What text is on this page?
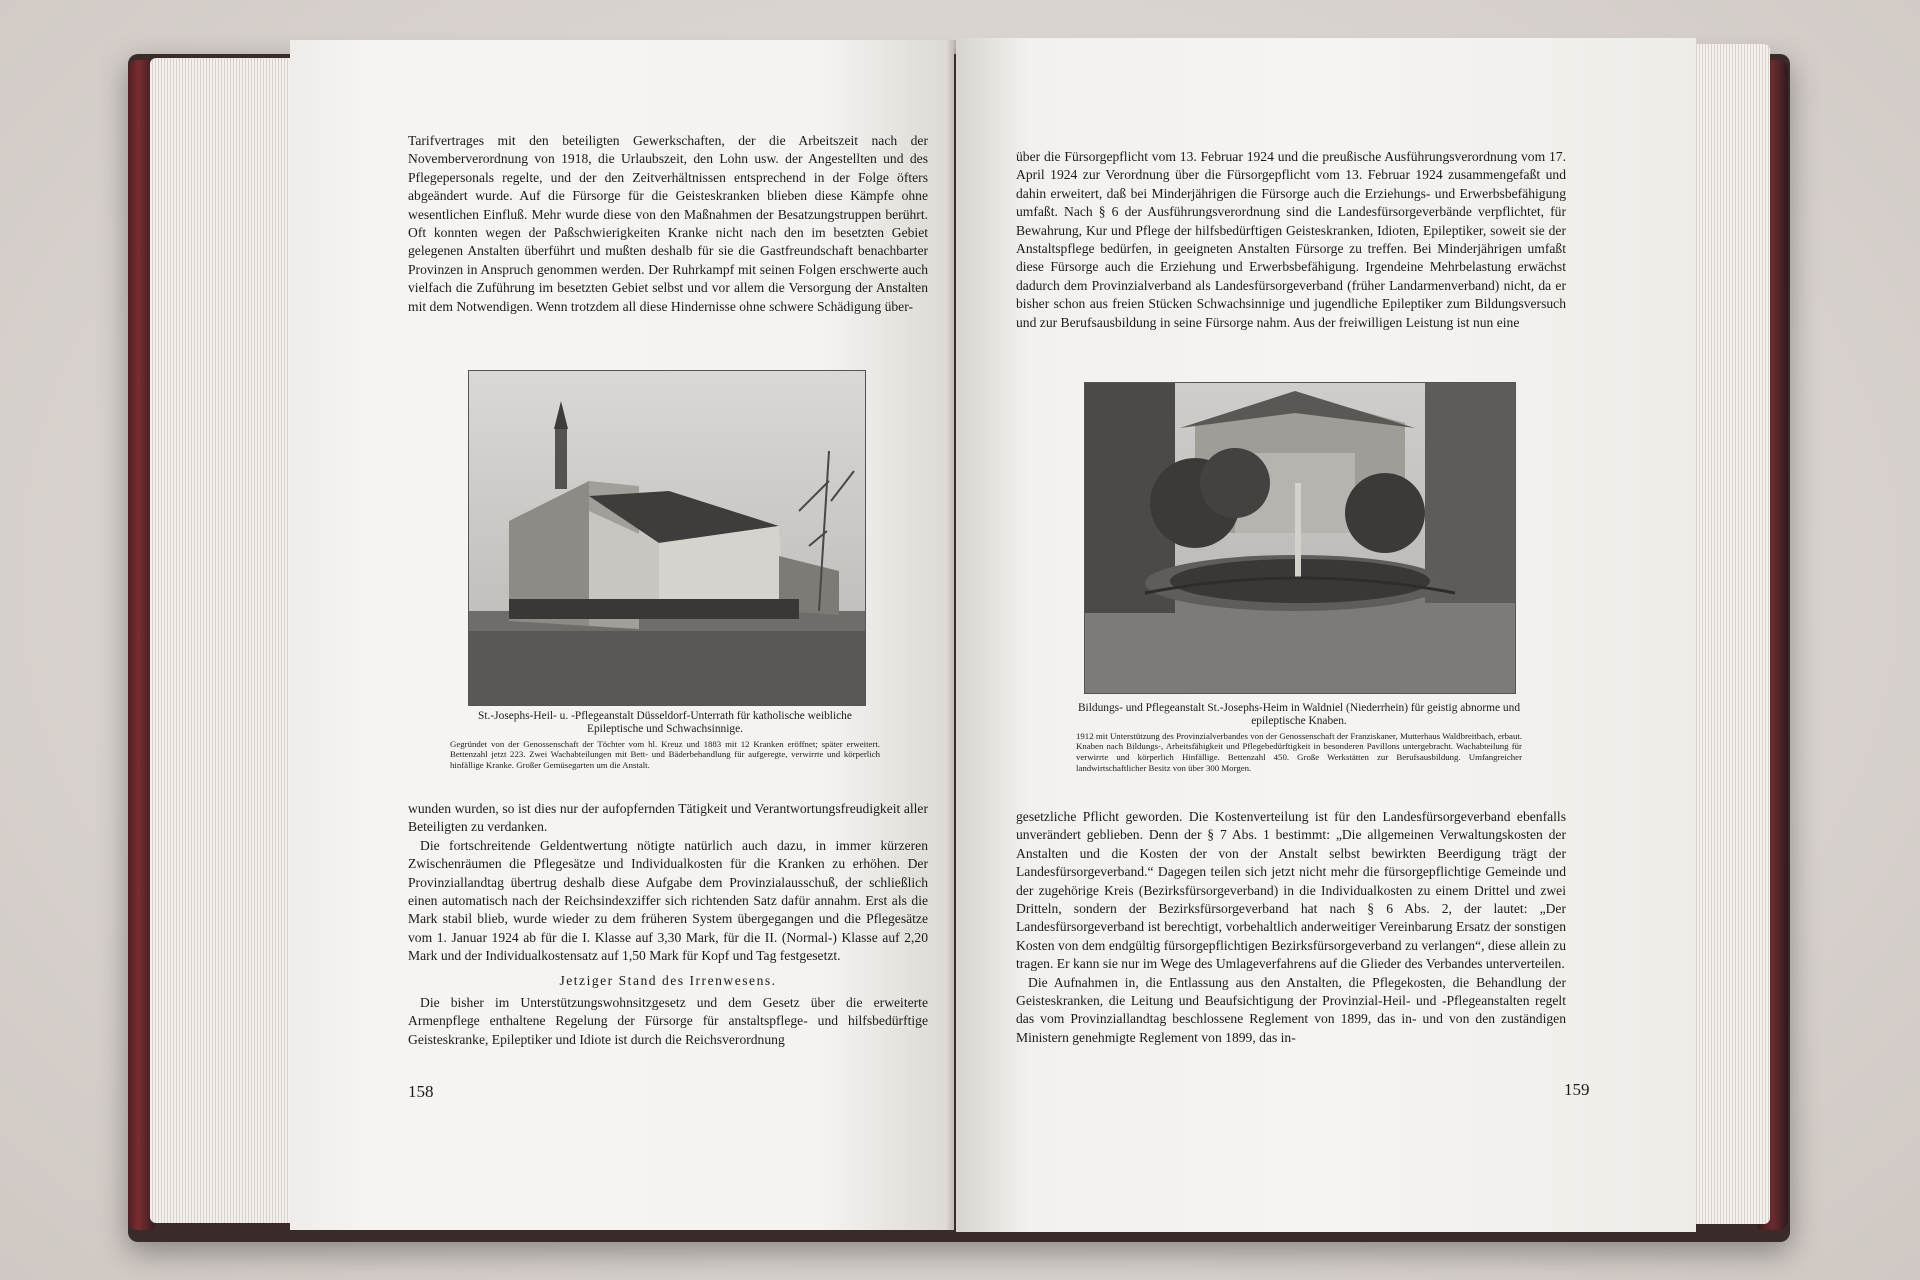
Tarifvertrages mit den beteiligten Gewerkschaften, der die Arbeitszeit nach der Novemberverordnung von 1918, die Urlaubszeit, den Lohn usw. der Angestellten und des Pflegepersonals regelte, und der den Zeitverhältnissen entsprechend in der Folge öfters abgeändert wurde. Auf die Fürsorge für die Geisteskranken blieben diese Kämpfe ohne wesentlichen Einfluß. Mehr wurde diese von den Maßnahmen der Besatzungstruppen berührt. Oft konnten wegen der Paßschwierigkeiten Kranke nicht nach den im besetzten Gebiet gelegenen Anstalten überführt und mußten deshalb für sie die Gastfreundschaft benachbarter Provinzen in Anspruch genommen werden. Der Ruhrkampf mit seinen Folgen erschwerte auch vielfach die Zuführung im besetzten Gebiet selbst und vor allem die Versorgung der Anstalten mit dem Notwendigen. Wenn trotzdem all diese Hindernisse ohne schwere Schädigung über-

St.-Josephs-Heil- u. -Pflegeanstalt Düsseldorf-Unterrath für katholische weibliche Epileptische und Schwachsinnige.
Gegründet von der Genossenschaft der Töchter vom hl. Kreuz und 1883 mit 12 Kranken eröffnet; später erweitert. Bettenzahl jetzt 223. Zwei Wachabteilungen mit Bett- und Bäderbehandlung für aufgeregte, verwirrte und körperlich hinfällige Kranke. Großer Gemüsegarten um die Anstalt.

wunden wurden, so ist dies nur der aufopfernden Tätigkeit und Verantwortungsfreudigkeit aller Beteiligten zu verdanken.

Die fortschreitende Geldentwertung nötigte natürlich auch dazu, in immer kürzeren Zwischenräumen die Pflegesätze und Individualkosten für die Kranken zu erhöhen. Der Provinziallandtag übertrug deshalb diese Aufgabe dem Provinzialausschuß, der schließlich einen automatisch nach der Reichsindexziffer sich richtenden Satz dafür annahm. Erst als die Mark stabil blieb, wurde wieder zu dem früheren System übergegangen und die Pflegesätze vom 1. Januar 1924 ab für die I. Klasse auf 3,30 Mark, für die II. (Normal-) Klasse auf 2,20 Mark und der Individualkostensatz auf 1,50 Mark für Kopf und Tag festgesetzt.

Jetziger Stand des Irrenwesens.

Die bisher im Unterstützungswohnsitzgesetz und dem Gesetz über die erweiterte Armenpflege enthaltene Regelung der Fürsorge für anstaltspflege- und hilfsbedürftige Geisteskranke, Epileptiker und Idiote ist durch die Reichsverordnung

158

über die Fürsorgepflicht vom 13. Februar 1924 und die preußische Ausführungsverordnung vom 17. April 1924 zur Verordnung über die Fürsorgepflicht vom 13. Februar 1924 zusammengefaßt und dahin erweitert, daß bei Minderjährigen die Fürsorge auch die Erziehungs- und Erwerbsbefähigung umfaßt. Nach § 6 der Ausführungsverordnung sind die Landesfürsorgeverbände verpflichtet, für Bewahrung, Kur und Pflege der hilfsbedürftigen Geisteskranken, Idioten, Epileptiker, soweit sie der Anstaltspflege bedürfen, in geeigneten Anstalten Fürsorge zu treffen. Bei Minderjährigen umfaßt diese Fürsorge auch die Erziehung und Erwerbsbefähigung. Irgendeine Mehrbelastung erwächst dadurch dem Provinzialverband als Landesfürsorgeverband (früher Landarmenverband) nicht, da er bisher schon aus freien Stücken Schwachsinnige und jugendliche Epileptiker zum Bildungsversuch und zur Berufsausbildung in seine Fürsorge nahm. Aus der freiwilligen Leistung ist nun eine

Bildungs- und Pflegeanstalt St.-Josephs-Heim in Waldniel (Niederrhein) für geistig abnorme und epileptische Knaben.
1912 mit Unterstützung des Provinzialverbandes von der Genossenschaft der Franziskaner, Mutterhaus Waldbreitbach, erbaut. Knaben nach Bildungs-, Arbeitsfähigkeit und Pflegebedürftigkeit in besonderen Pavillons untergebracht. Wachabteilung für verwirrte und körperlich Hinfällige. Bettenzahl 450. Große Werkstätten zur Berufsausbildung. Umfangreicher landwirtschaftlicher Besitz von über 300 Morgen.

gesetzliche Pflicht geworden. Die Kostenverteilung ist für den Landesfürsorgeverband ebenfalls unverändert geblieben. Denn der § 7 Abs. 1 bestimmt: „Die allgemeinen Verwaltungskosten der Anstalten und die Kosten der von der Anstalt selbst bewirkten Beerdigung trägt der Landesfürsorgeverband.“ Dagegen teilen sich jetzt nicht mehr die fürsorgepflichtige Gemeinde und der zugehörige Kreis (Bezirksfürsorgeverband) in die Individualkosten zu einem Drittel und zwei Dritteln, sondern der Bezirksfürsorgeverband hat nach § 6 Abs. 2, der lautet: „Der Landesfürsorgeverband ist berechtigt, vorbehaltlich anderweitiger Vereinbarung Ersatz der sonstigen Kosten von dem endgültig fürsorgepflichtigen Bezirksfürsorgeverband zu verlangen“, diese allein zu tragen. Er kann sie nur im Wege des Umlageverfahrens auf die Glieder des Verbandes unterverteilen.

Die Aufnahmen in, die Entlassung aus den Anstalten, die Pflegekosten, die Behandlung der Geisteskranken, die Leitung und Beaufsichtigung der Provinzial-Heil- und -Pflegeanstalten regelt das vom Provinziallandtag beschlossene Reglement von 1899, das in- und von den zuständigen Ministern genehmigte Reglement von 1899, das in-

159
